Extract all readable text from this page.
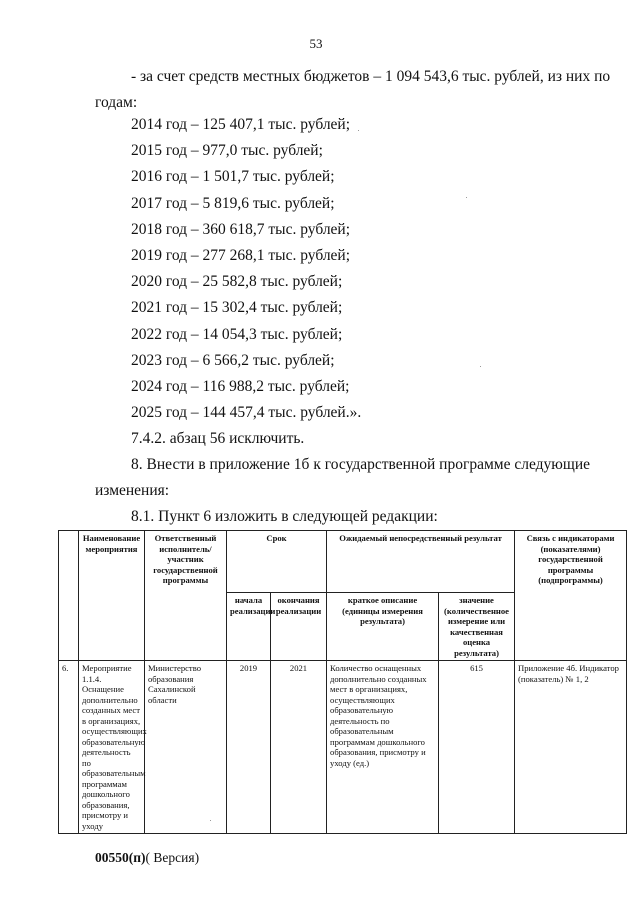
53
- за счет средств местных бюджетов – 1 094 543,6 тыс. рублей, из них по
годам:
2014 год – 125 407,1 тыс. рублей;
2015 год – 977,0 тыс. рублей;
2016 год – 1 501,7 тыс. рублей;
2017 год – 5 819,6 тыс. рублей;
2018 год – 360 618,7 тыс. рублей;
2019 год – 277 268,1 тыс. рублей;
2020 год – 25 582,8 тыс. рублей;
2021 год – 15 302,4 тыс. рублей;
2022 год – 14 054,3 тыс. рублей;
2023 год – 6 566,2 тыс. рублей;
2024 год – 116 988,2 тыс. рублей;
2025 год – 144 457,4 тыс. рублей.».
7.4.2. абзац 56 исключить.
8. Внести в приложение 1б к государственной программе следующие изменения:
8.1. Пункт 6 изложить в следующей редакции:
	Наименование мероприятия	Ответственный исполнитель/участник государственной программы	Срок		Ожидаемый непосредственный результат		Связь с индикаторами (показателями) государственной программы (подпрограммы)
			начала реализации	окончания реализации	краткое описание (единицы измерения результата)	значение (количественное измерение или качественная оценка результата)	
6.	Мероприятие 1.1.4. Оснащение дополнительно созданных мест в организациях, осуществляющих образовательную деятельность по образовательным программам дошкольного образования, присмотру и уходу	Министерство образования Сахалинской области	2019	2021	Количество оснащенных дополнительно созданных мест в организациях, осуществляющих образовательную деятельность по образовательным программам дошкольного образования, присмотру и уходу (ед.)	615	Приложение 4б. Индикатор (показатель) № 1, 2
00550(п)( Версия)
